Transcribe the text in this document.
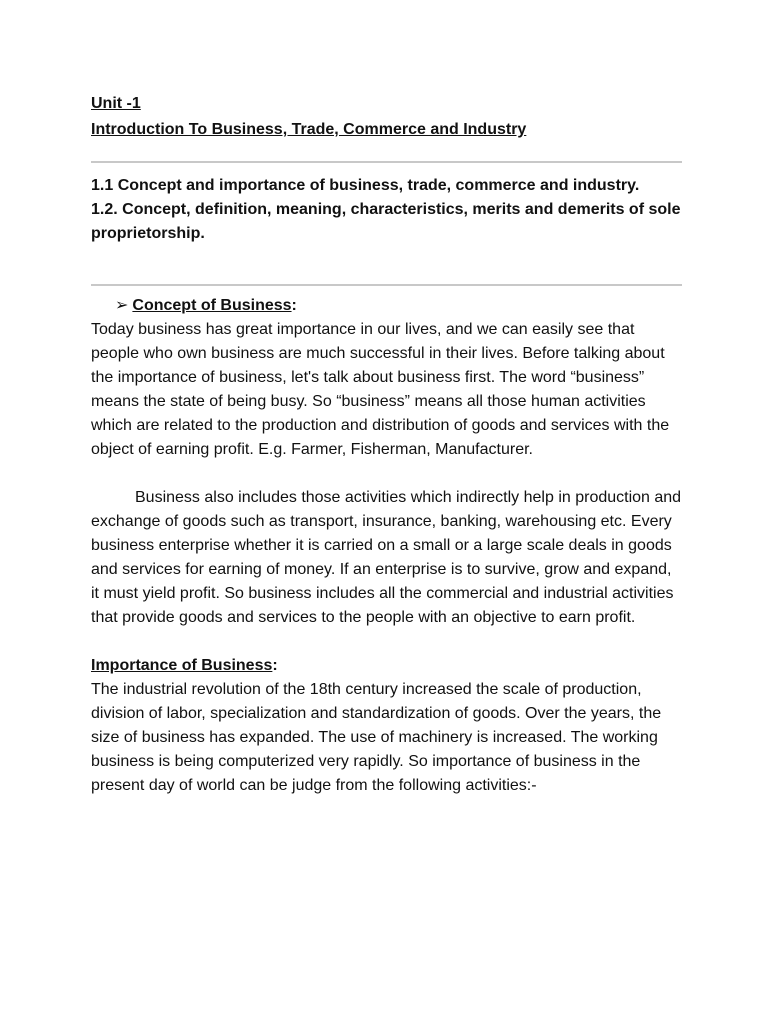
Unit -1

Introduction To Business, Trade, Commerce and Industry

1.1 Concept and importance of business, trade, commerce and industry.

1.2. Concept, definition, meaning, characteristics, merits and demerits of sole proprietorship.

➢ Concept of Business:

Today business has great importance in our lives, and we can easily see that people who own business are much successful in their lives. Before talking about the importance of business, let's talk about business first. The word “business” means the state of being busy. So “business” means all those human activities which are related to the production and distribution of goods and services with the object of earning profit. E.g. Farmer, Fisherman, Manufacturer.

Business also includes those activities which indirectly help in production and exchange of goods such as transport, insurance, banking, warehousing etc. Every business enterprise whether it is carried on a small or a large scale deals in goods and services for earning of money. If an enterprise is to survive, grow and expand, it must yield profit. So business includes all the commercial and industrial activities that provide goods and services to the people with an objective to earn profit.

Importance of Business:

The industrial revolution of the 18th century increased the scale of production, division of labor, specialization and standardization of goods. Over the years, the size of business has expanded. The use of machinery is increased. The working business is being computerized very rapidly. So importance of business in the present day of world can be judge from the following activities:-
